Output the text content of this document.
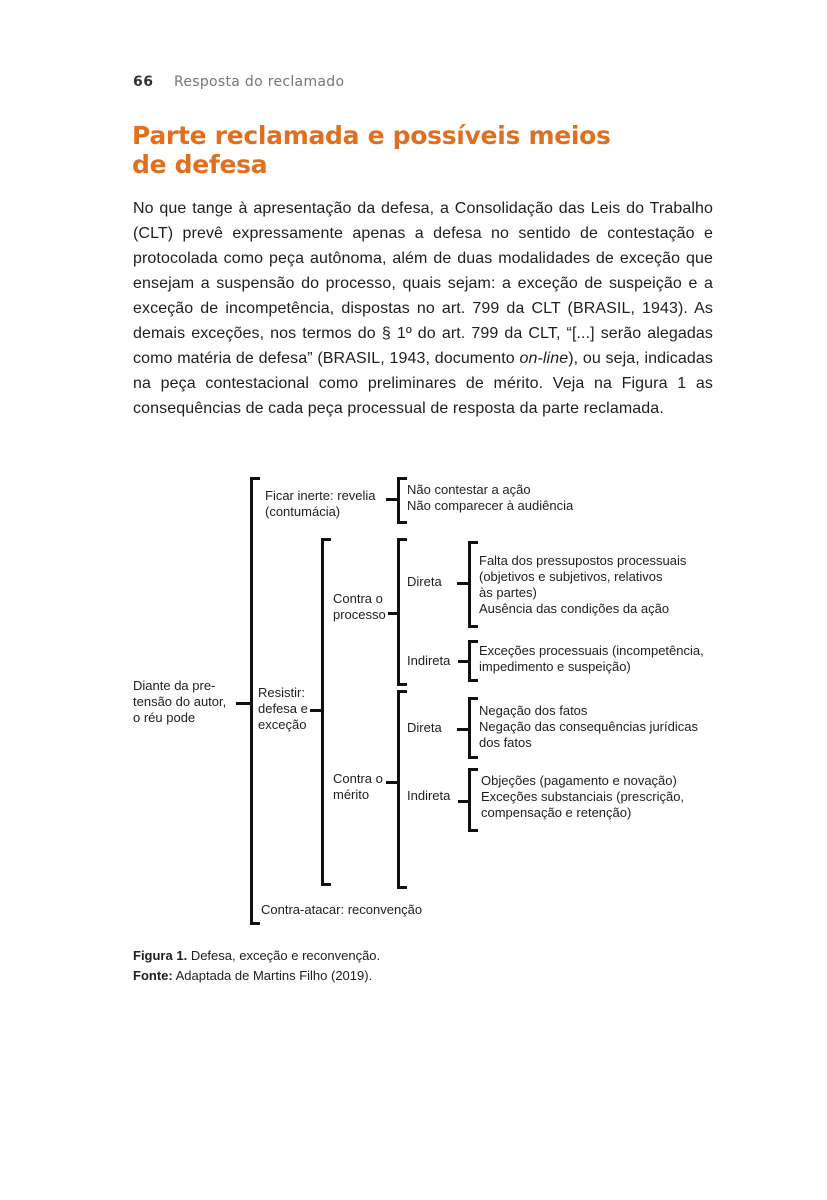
66 Resposta do reclamado
Parte reclamada e possíveis meios de defesa

No que tange à apresentação da defesa, a Consolidação das Leis do Trabalho (CLT) prevê expressamente apenas a defesa no sentido de contestação e protocolada como peça autônoma, além de duas modalidades de exceção que ensejam a suspensão do processo, quais sejam: a exceção de suspeição e a exceção de incompetência, dispostas no art. 799 da CLT (BRASIL, 1943). As demais exceções, nos termos do § 1º do art. 799 da CLT, “[...] serão alegadas como matéria de defesa” (BRASIL, 1943, documento on-line), ou seja, indicadas na peça contestacional como preliminares de mérito. Veja na Figura 1 as consequências de cada peça processual de resposta da parte reclamada.

Diante da pre-
tensão do autor,
o réu pode
Ficar inerte: revelia
(contumácia)
Não contestar a ação
Não comparecer à audiência
Resistir:
defesa e
exceção
Contra o
processo
Direta
Falta dos pressupostos processuais
(objetivos e subjetivos, relativos
às partes)
Ausência das condições da ação
Indireta
Exceções processuais (incompetência,
impedimento e suspeição)
Contra o
mérito
Direta
Negação dos fatos
Negação das consequências jurídicas
dos fatos
Indireta
Objeções (pagamento e novação)
Exceções substanciais (prescrição,
compensação e retenção)
Contra-atacar: reconvenção
Figura 1. Defesa, exceção e reconvenção.
Fonte: Adaptada de Martins Filho (2019).
